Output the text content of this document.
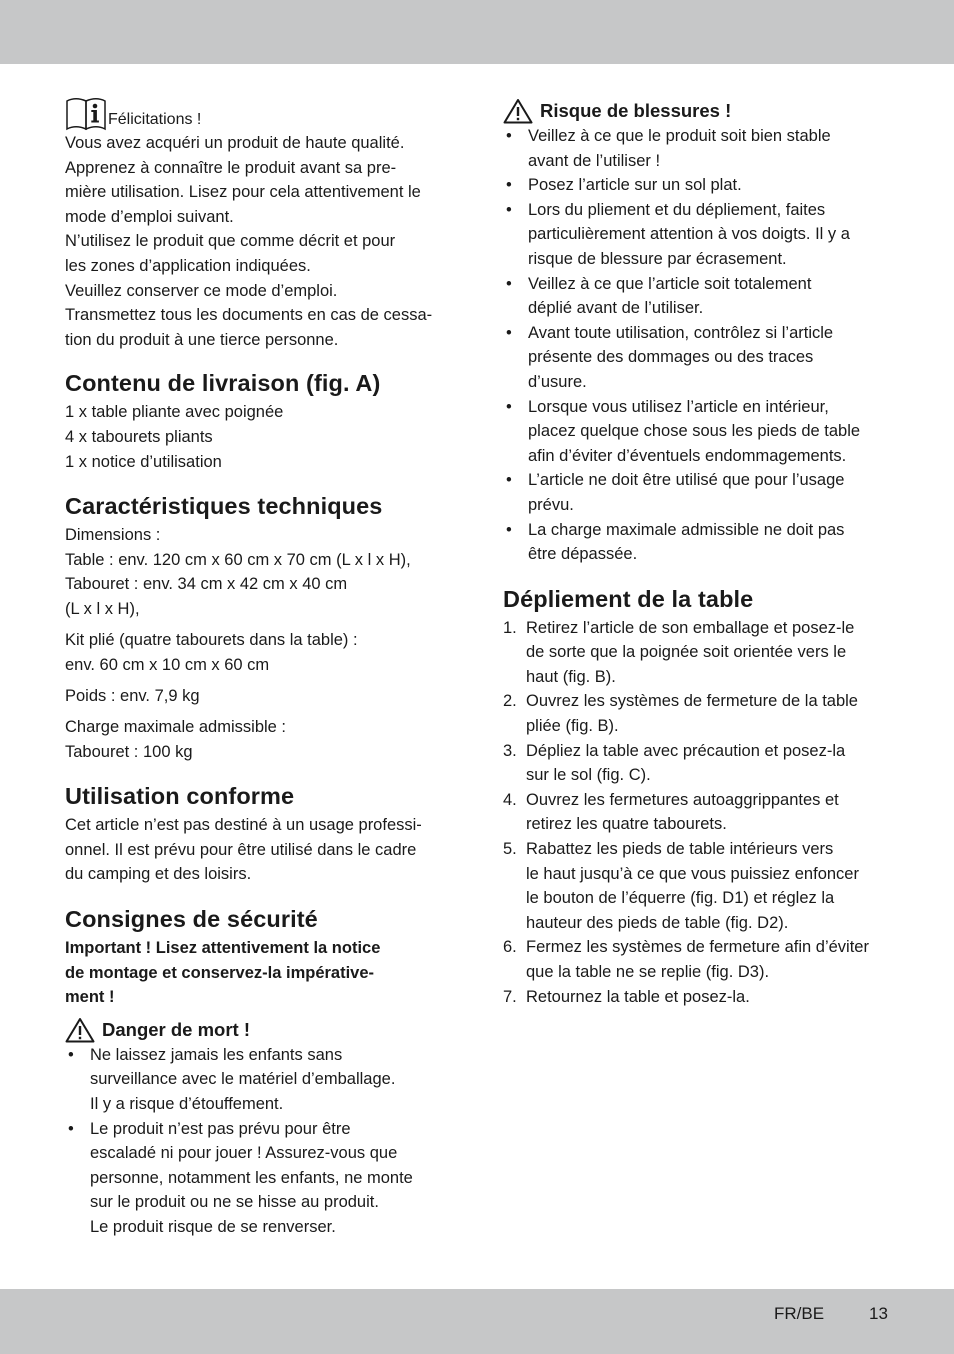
Félicitations !

Vous avez acquéri un produit de haute qualité.

Apprenez à connaître le produit avant sa pre-

mière utilisation. Lisez pour cela attentivement le

mode d’emploi suivant.

N’utilisez le produit que comme décrit et pour

les zones d’application indiquées.

Veuillez conserver ce mode d’emploi.

Transmettez tous les documents en cas de cessa-

tion du produit à une tierce personne.

Contenu de livraison (fig. A)

1 x table pliante avec poignée

4 x tabourets pliants

1 x notice d’utilisation

Caractéristiques techniques

Dimensions :

Table : env. 120 cm x 60 cm x 70 cm (L x l x H),

Tabouret : env. 34 cm x 42 cm x 40 cm

(L x l x H),

Kit plié (quatre tabourets dans la table) :

env. 60 cm x 10 cm x 60 cm

Poids : env. 7,9 kg

Charge maximale admissible :

Tabouret : 100 kg

Utilisation conforme

Cet article n’est pas destiné à un usage professi-

onnel. Il est prévu pour être utilisé dans le cadre

du camping et des loisirs.

Consignes de sécurité

Important ! Lisez attentivement la notice

de montage et conservez-la impérative-

ment !

Danger de mort !
• Ne laissez jamais les enfants sans
surveillance avec le matériel d’emballage.
Il y a risque d’étouffement.
• Le produit n’est pas prévu pour être
escaladé ni pour jouer ! Assurez-vous que
personne, notamment les enfants, ne monte
sur le produit ou ne se hisse au produit.
Le produit risque de se renverser.
Risque de blessures !
• Veillez à ce que le produit soit bien stable
avant de l’utiliser !
• Posez l’article sur un sol plat.
• Lors du pliement et du dépliement, faites
particulièrement attention à vos doigts. Il y a
risque de blessure par écrasement.
• Veillez à ce que l’article soit totalement
déplié avant de l’utiliser.
• Avant toute utilisation, contrôlez si l’article
présente des dommages ou des traces
d’usure.
• Lorsque vous utilisez l’article en intérieur,
placez quelque chose sous les pieds de table
afin d’éviter d’éventuels endommagements.
• L’article ne doit être utilisé que pour l’usage
prévu.
• La charge maximale admissible ne doit pas
être dépassée.
Dépliement de la table
1. Retirez l’article de son emballage et posez-le
de sorte que la poignée soit orientée vers le
haut (fig. B).
2. Ouvrez les systèmes de fermeture de la table
pliée (fig. B).
3. Dépliez la table avec précaution et posez-la
sur le sol (fig. C).
4. Ouvrez les fermetures autoaggrippantes et
retirez les quatre tabourets.
5. Rabattez les pieds de table intérieurs vers
le haut jusqu’à ce que vous puissiez enfoncer
le bouton de l’équerre (fig. D1) et réglez la
hauteur des pieds de table (fig. D2).
6. Fermez les systèmes de fermeture afin d’éviter
que la table ne se replie (fig. D3).
7. Retournez la table et posez-la.
FR/BE	13
